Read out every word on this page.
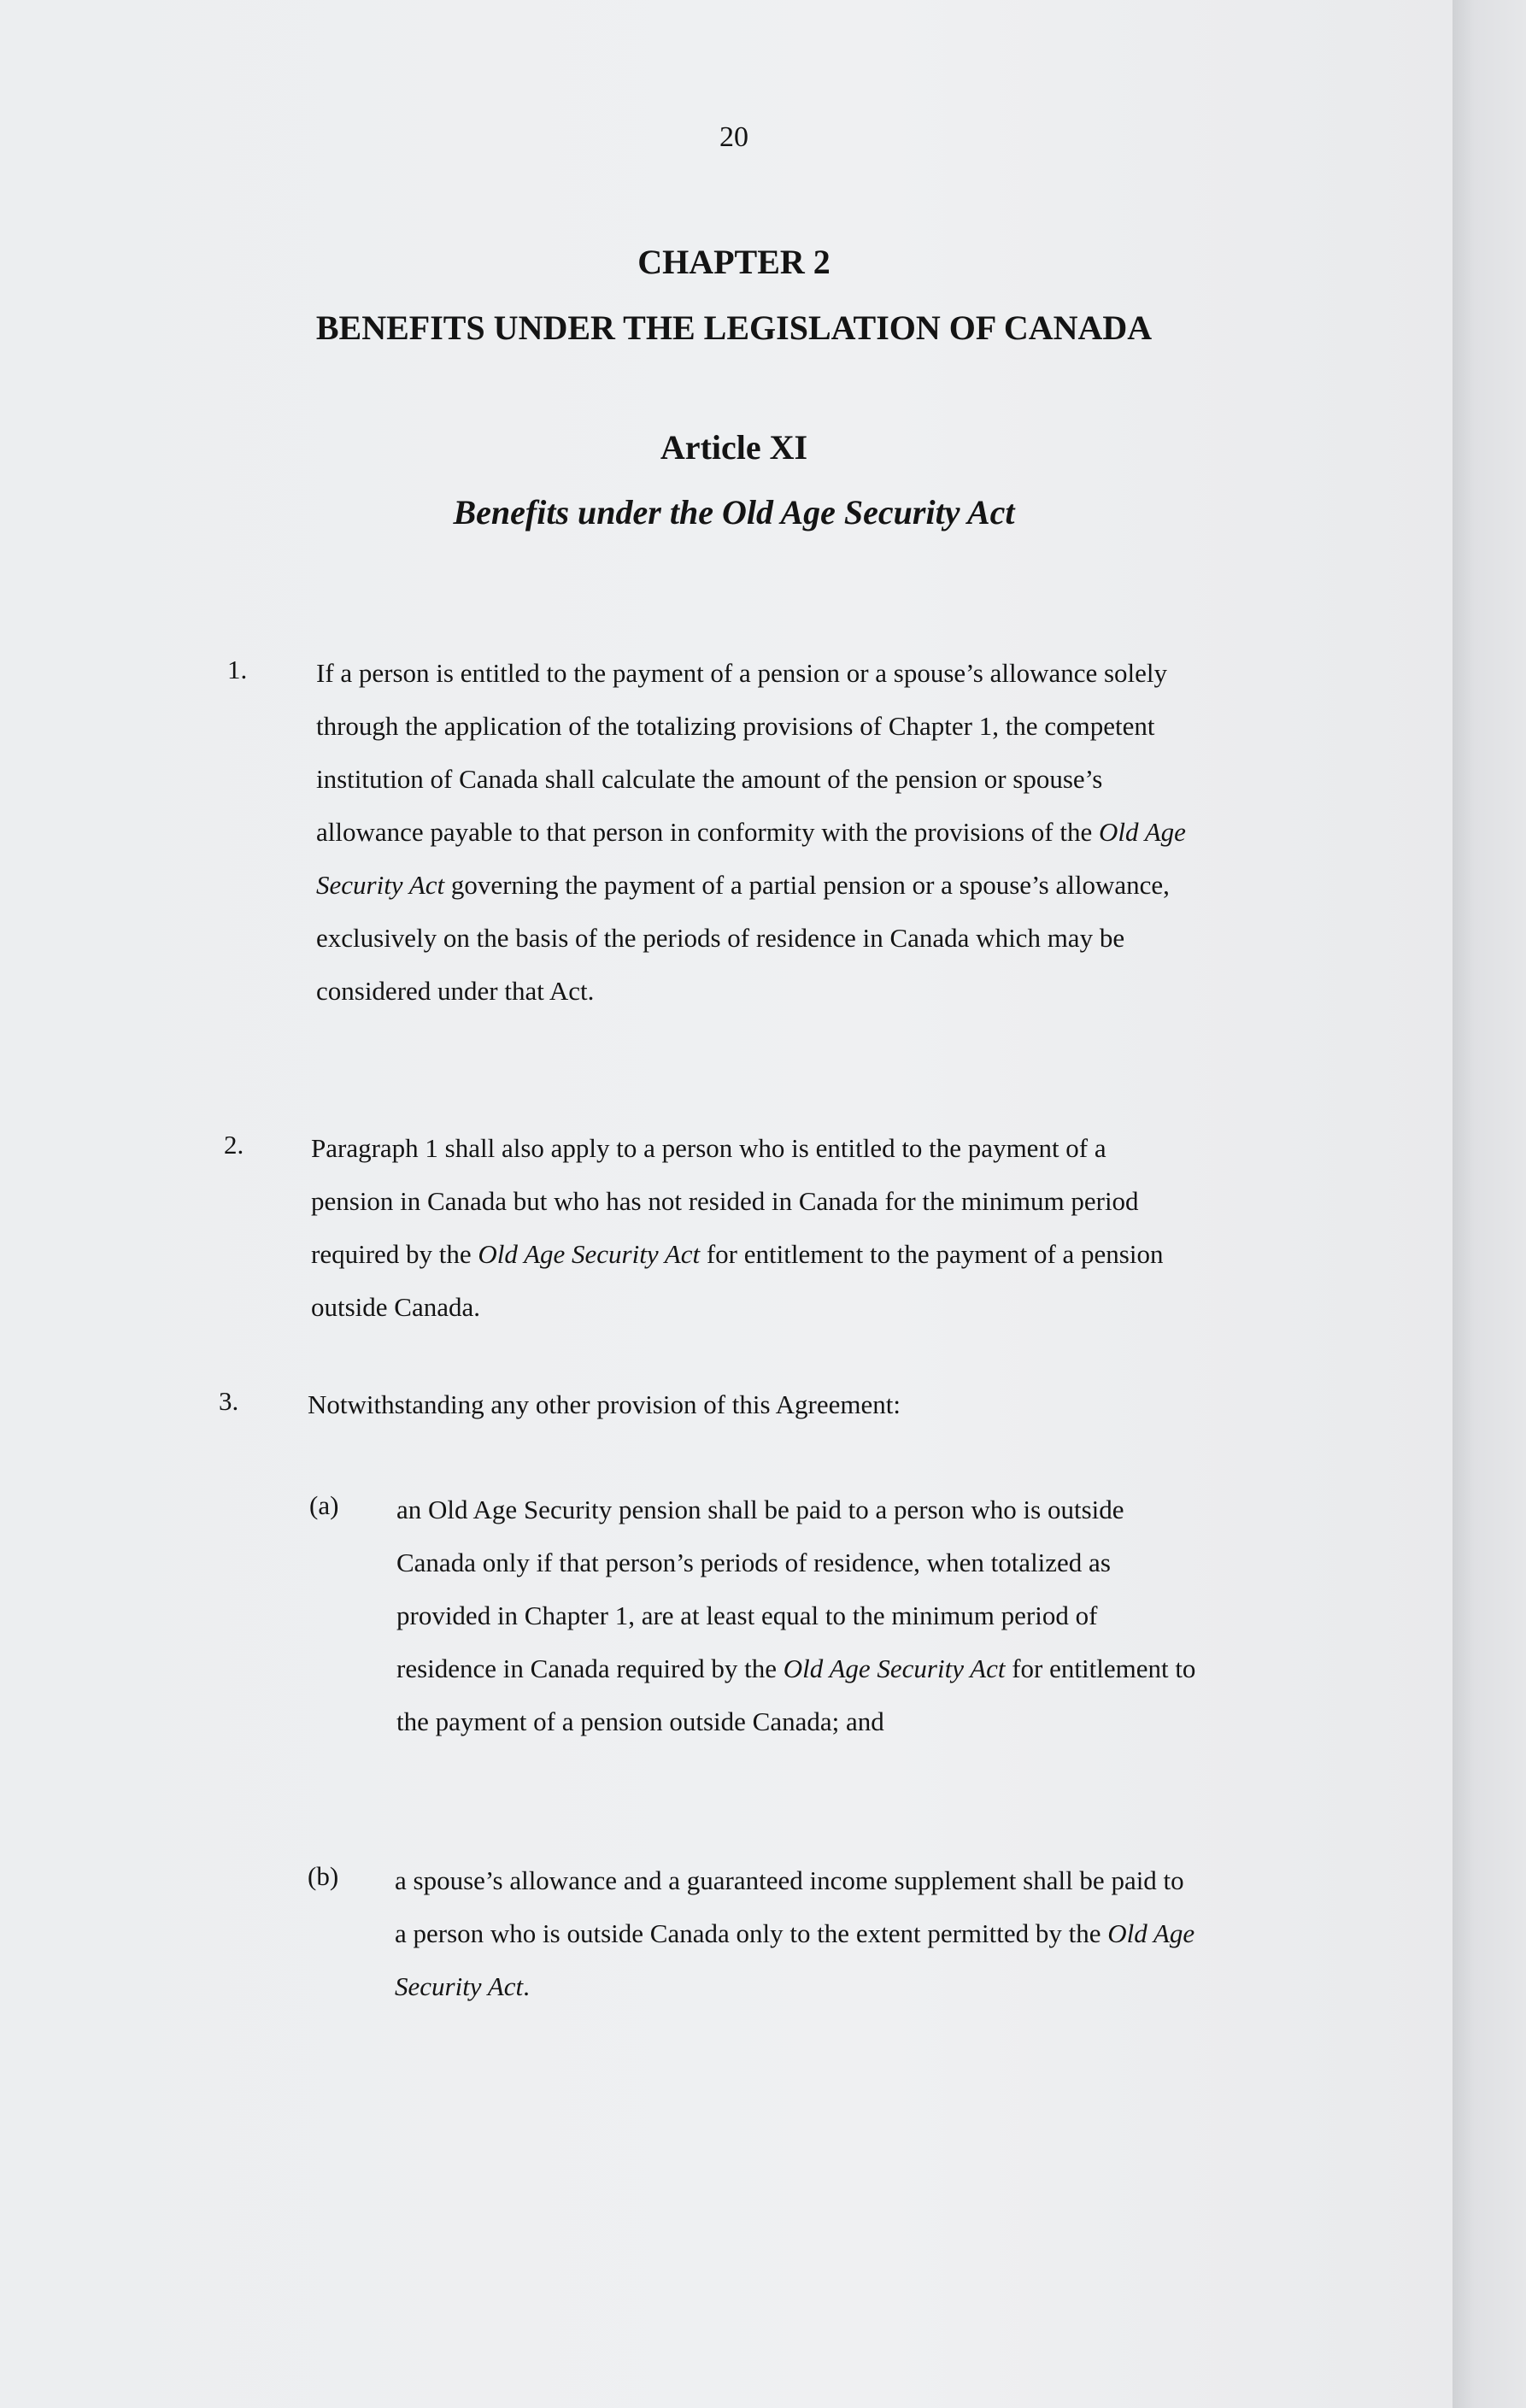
20
CHAPTER 2
BENEFITS UNDER THE LEGISLATION OF CANADA
Article XI
Benefits under the Old Age Security Act
1.	If a person is entitled to the payment of a pension or a spouse’s allowance solely through the application of the totalizing provisions of Chapter 1, the competent institution of Canada shall calculate the amount of the pension or spouse’s allowance payable to that person in conformity with the provisions of the Old Age Security Act governing the payment of a partial pension or a spouse’s allowance, exclusively on the basis of the periods of residence in Canada which may be considered under that Act.
2.	Paragraph 1 shall also apply to a person who is entitled to the payment of a pension in Canada but who has not resided in Canada for the minimum period required by the Old Age Security Act for entitlement to the payment of a pension outside Canada.
3.	Notwithstanding any other provision of this Agreement:
(a) an Old Age Security pension shall be paid to a person who is outside Canada only if that person’s periods of residence, when totalized as provided in Chapter 1, are at least equal to the minimum period of residence in Canada required by the Old Age Security Act for entitlement to the payment of a pension outside Canada; and
(b) a spouse’s allowance and a guaranteed income supplement shall be paid to a person who is outside Canada only to the extent permitted by the Old Age Security Act.
